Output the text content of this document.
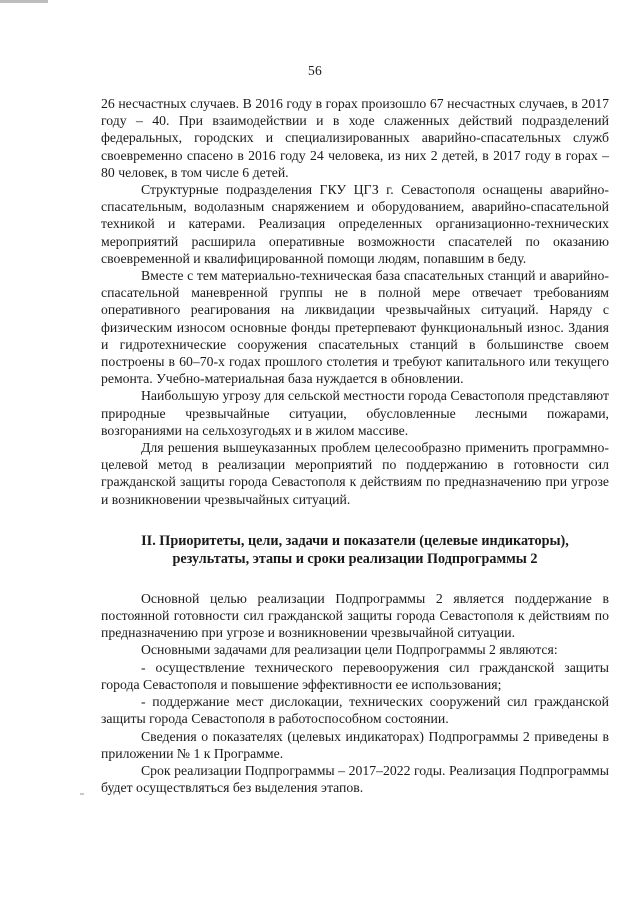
56

26 несчастных случаев. В 2016 году в горах произошло 67 несчастных случаев, в 2017 году – 40. При взаимодействии и в ходе слаженных действий подразделений федеральных, городских и специализированных аварийно-спасательных служб своевременно спасено в 2016 году 24 человека, из них 2 детей, в 2017 году в горах – 80 человек, в том числе 6 детей.

Структурные подразделения ГКУ ЦГЗ г. Севастополя оснащены аварийно-спасательным, водолазным снаряжением и оборудованием, аварийно-спасательной техникой и катерами. Реализация определенных организационно-технических мероприятий расширила оперативные возможности спасателей по оказанию своевременной и квалифицированной помощи людям, попавшим в беду.

Вместе с тем материально-техническая база спасательных станций и аварийно-спасательной маневренной группы не в полной мере отвечает требованиям оперативного реагирования на ликвидации чрезвычайных ситуаций. Наряду с физическим износом основные фонды претерпевают функциональный износ. Здания и гидротехнические сооружения спасательных станций в большинстве своем построены в 60–70-х годах прошлого столетия и требуют капитального или текущего ремонта. Учебно-материальная база нуждается в обновлении.

Наибольшую угрозу для сельской местности города Севастополя представляют природные чрезвычайные ситуации, обусловленные лесными пожарами, возгораниями на сельхозугодьях и в жилом массиве.

Для решения вышеуказанных проблем целесообразно применить программно-целевой метод в реализации мероприятий по поддержанию в готовности сил гражданской защиты города Севастополя к действиям по предназначению при угрозе и возникновении чрезвычайных ситуаций.

II. Приоритеты, цели, задачи и показатели (целевые индикаторы),
результаты, этапы и сроки реализации Подпрограммы 2

Основной целью реализации Подпрограммы 2 является поддержание в постоянной готовности сил гражданской защиты города Севастополя к действиям по предназначению при угрозе и возникновении чрезвычайной ситуации.

Основными задачами для реализации цели Подпрограммы 2 являются:

- осуществление технического перевооружения сил гражданской защиты города Севастополя и повышение эффективности ее использования;

- поддержание мест дислокации, технических сооружений сил гражданской защиты города Севастополя в работоспособном состоянии.

Сведения о показателях (целевых индикаторах) Подпрограммы 2 приведены в приложении № 1 к Программе.

Срок реализации Подпрограммы – 2017–2022 годы. Реализация Подпрограммы будет осуществляться без выделения этапов.
